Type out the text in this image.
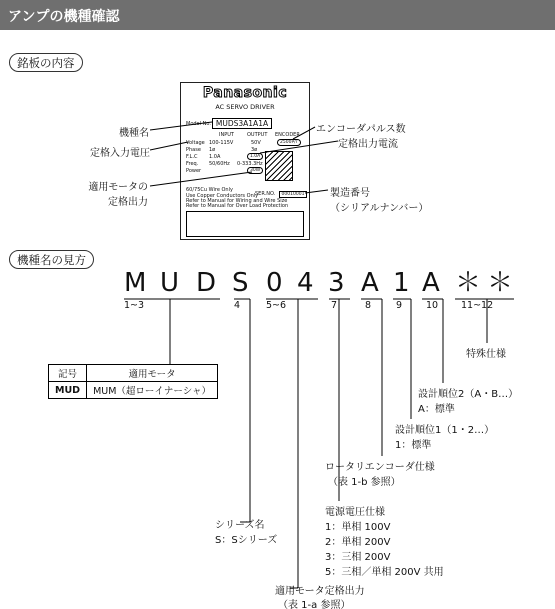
アンプの機種確認
銘板の内容
Panasonic
AC SERVO DRIVER
Model No. MUDS3A1A1A
INPUT	OUTPUT ENCODER
Voltage 100-115V	50V	2500P/r
Phase 1ø	3ø
F.L.C 1.0A	1.0A
Freq. 50/60Hz 0-333.3Hz
Power	30W
60/75Cu Wire Only
SER.NO.	00010001
Use Copper Conductors Only
Refer to Manual for Wiring and Wire Size
Refer to Manual for Over Load Protection
機種名
定格入力電圧
適用モータの
定格出力
エンコーダパルス数
定格出力電流
製造番号
（シリアルナンバー）
機種名の見方
M U D S 0 4 3 A 1 A ＊ ＊
1~3	4	5~6	7	8	9	10 11~12
記号	適用モータ
MUD	MUM（超ローイナーシャ）
特殊仕様
設計順位2（A・B…）
A：標準
設計順位1（1・2…）
1：標準
ロータリエンコーダ仕様
（表 1-b 参照）
シリーズ名
S：Sシリーズ
電源電圧仕様
1：単相 100V
2：単相 200V
3：三相 200V
5：三相／単相 200V 共用
適用モータ定格出力
（表 1-a 参照）
